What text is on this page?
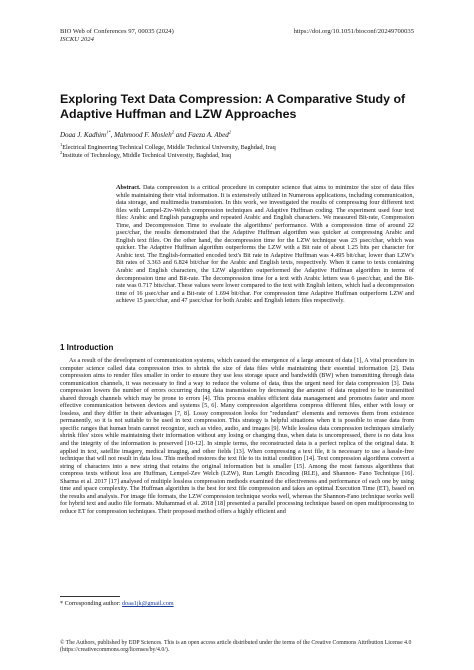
BIO Web of Conferences 97, 00035 (2024)	https://doi.org/10.1051/bioconf/20249700035
ISCKU 2024
Exploring Text Data Compression: A Comparative Study of Adaptive Huffman and LZW Approaches
Doaa J. Kadhim$^{1*}$, Mahmood F. Mosleh$^2$ and Faeza A. Abed$^2$
$^1$Electrical Engineering Technical College, Middle Technical University, Baghdad, Iraq
$^2$Institute of Technology, Middle Technical University, Baghdad, Iraq
Abstract. Data compression is a critical procedure in computer science that aims to minimize the size of data files while maintaining their vital information. It is extensively utilized in Numerous applications, including communication, data storage, and multimedia transmission. In this work, we investigated the results of compressing four different text files with Lempel-Ziv-Welch compression techniques and Adaptive Huffman coding. The experiment used four text files: Arabic and English paragraphs and repeated Arabic and English characters. We measured Bit-rate, Compression Time, and Decompression Time to evaluate the algorithms' performance. With a compression time of around 22 µsec/char, the results demonstrated that the Adaptive Huffman algorithm was quicker at compressing Arabic and English text files. On the other hand, the decompression time for the LZW technique was 23 µsec/char, which was quicker. The Adaptive Huffman algorithm outperforms the LZW with a Bit rate of about 1.25 bits per character for Arabic text. The English-formatted encoded text's Bit rate in Adaptive Huffman was 4.495 bit/char, lower than LZW's Bit rates of 3.363 and 6.824 bit/char for the Arabic and English texts, respectively. When it came to texts containing Arabic and English characters, the LZW algorithm outperformed the Adaptive Huffman algorithm in terms of decompression time and Bit-rate. The decompression time for a text with Arabic letters was 6 µsec/char, and the Bit-rate was 0.717 bits/char. These values were lower compared to the text with English letters, which had a decompression time of 16 µsec/char and a Bit-rate of 1.694 bit/char. For compression time Adaptive Huffman outperform LZW and achieve 15 µsec/char, and 47 µsec/char for both Arabic and English letters files respectively.
1 Introduction
As a result of the development of communication systems, which caused the emergence of a large amount of data [1], A vital procedure in computer science called data compression tries to shrink the size of data files while maintaining their essential information [2]. Data compression aims to render files smaller in order to ensure they use less storage space and bandwidth (BW) when transmitting through data communication channels, it was necessary to find a way to reduce the volume of data, thus the urgent need for data compression [3]. Data compression lowers the number of errors occurring during data transmission by decreasing the amount of data required to be transmitted shared through channels which may be prone to errors [4]. This process enables efficient data management and promotes faster and more effective communication between devices and systems [5, 6]. Many compression algorithms compress different files, either with lossy or lossless, and they differ in their advantages [7, 8]. Lossy compression looks for "redundant" elements and removes them from existence permanently, so it is not suitable to be used in text compression. This strategy is helpful situations when it is possible to erase data from specific ranges that human brain cannot recognize, such as video, audio, and images [9]. While lossless data compression techniques similarly shrink files' sizes while maintaining their information without any losing or changing thus, when data is uncompressed, there is no data loss and the integrity of the information is preserved [10-12]. In simple terms, the reconstructed data is a perfect replica of the original data. It applied in text, satellite imagery, medical imaging, and other fields [13]. When compressing a text file, it is necessary to use a hassle-free technique that will not result in data loss. This method restores the text file to its initial condition [14]. Text compression algorithms convert a string of characters into a new string that retains the original information but is smaller [15]. Among the most famous algorithms that compress texts without loss are Huffman, Lempel-Zev Welch (LZW), Run Length Encoding (RLE), and Shannon- Fano Technique [16]. Sharma et al. 2017 [17] analysed of multiple lossless compression methods examined the effectiveness and performance of each one by using time and space complexity. The Huffman algorithm is the best for text file compression and takes an optimal Execution Time (ET), based on the results and analysis. For image file formats, the LZW compression technique works well, whereas the Shannon-Fano technique works well for hybrid text and audio file formats. Muhammad et al. 2018 [18] presented a parallel processing technique based on open multiprocessing to reduce ET for compression techniques. Their proposed method offers a highly efficient and
* Corresponding author: doaa1jk@gmail.com
© The Authors, published by EDP Sciences. This is an open access article distributed under the terms of the Creative Commons Attribution License 4.0 (https://creativecommons.org/licenses/by/4.0/).
